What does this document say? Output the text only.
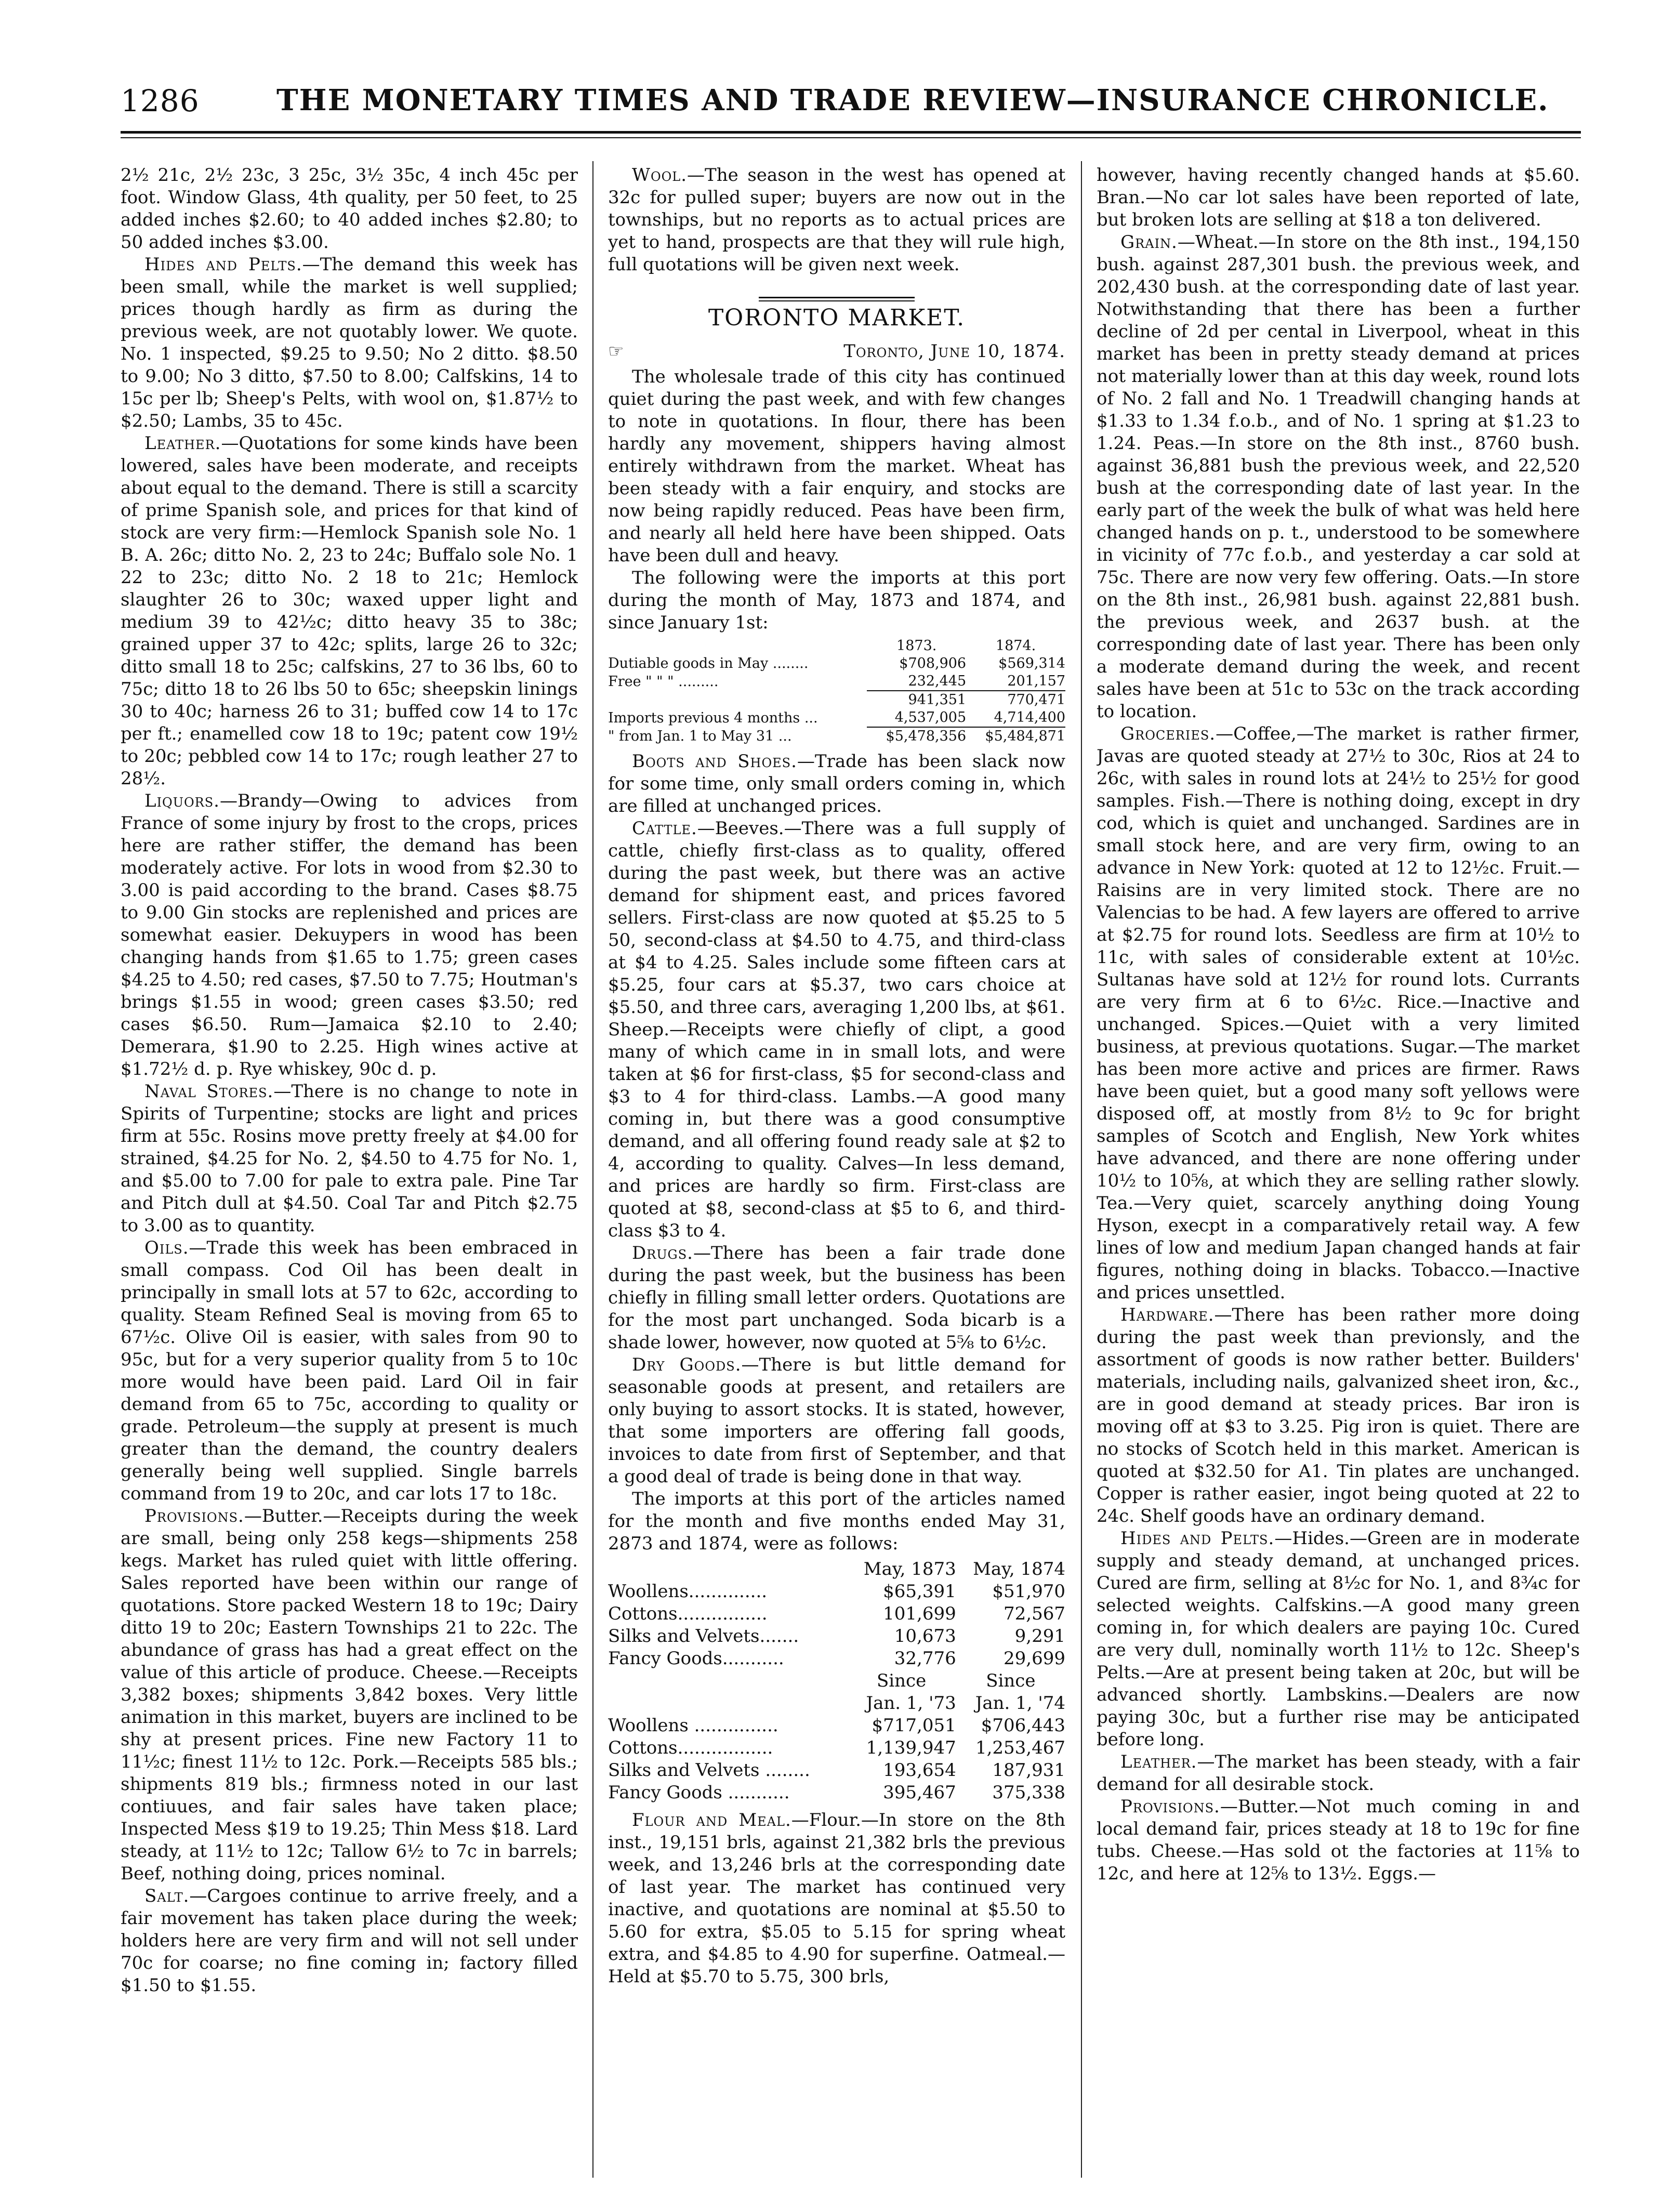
1286	THE MONETARY TIMES AND TRADE REVIEW—INSURANCE CHRONICLE.

2½ 21c, 2½ 23c, 3 25c, 3½ 35c, 4 inch 45c per foot. Window Glass, 4th quality, per 50 feet, to 25 added inches $2.60; to 40 added inches $2.80; to 50 added inches $3.00.

Hides and Pelts.—The demand this week has been small, while the market is well supplied; prices though hardly as firm as during the previous week, are not quotably lower. We quote. No. 1 inspected, $9.25 to 9.50; No 2 ditto. $8.50 to 9.00; No 3 ditto, $7.50 to 8.00; Calfskins, 14 to 15c per lb; Sheep's Pelts, with wool on, $1.87½ to $2.50; Lambs, 35 to 45c.

Leather.—Quotations for some kinds have been lowered, sales have been moderate, and receipts about equal to the demand. There is still a scarcity of prime Spanish sole, and prices for that kind of stock are very firm:—Hemlock Spanish sole No. 1 B. A. 26c; ditto No. 2, 23 to 24c; Buffalo sole No. 1 22 to 23c; ditto No. 2 18 to 21c; Hemlock slaughter 26 to 30c; waxed upper light and medium 39 to 42½c; ditto heavy 35 to 38c; grained upper 37 to 42c; splits, large 26 to 32c; ditto small 18 to 25c; calfskins, 27 to 36 lbs, 60 to 75c; ditto 18 to 26 lbs 50 to 65c; sheepskin linings 30 to 40c; harness 26 to 31; buffed cow 14 to 17c per ft.; enamelled cow 18 to 19c; patent cow 19½ to 20c; pebbled cow 14 to 17c; rough leather 27 to 28½.

Liquors.—Brandy—Owing to advices from France of some injury by frost to the crops, prices here are rather stiffer, the demand has been moderately active. For lots in wood from $2.30 to 3.00 is paid according to the brand. Cases $8.75 to 9.00 Gin stocks are replenished and prices are somewhat easier. Dekuypers in wood has been changing hands from $1.65 to 1.75; green cases $4.25 to 4.50; red cases, $7.50 to 7.75; Houtman's brings $1.55 in wood; green cases $3.50; red cases $6.50. Rum—Jamaica $2.10 to 2.40; Demerara, $1.90 to 2.25. High wines active at $1.72½ d. p. Rye whiskey, 90c d. p.

Naval Stores.—There is no change to note in Spirits of Turpentine; stocks are light and prices firm at 55c. Rosins move pretty freely at $4.00 for strained, $4.25 for No. 2, $4.50 to 4.75 for No. 1, and $5.00 to 7.00 for pale to extra pale. Pine Tar and Pitch dull at $4.50. Coal Tar and Pitch $2.75 to 3.00 as to quantity.

Oils.—Trade this week has been embraced in small compass. Cod Oil has been dealt in principally in small lots at 57 to 62c, according to quality. Steam Refined Seal is moving from 65 to 67½c. Olive Oil is easier, with sales from 90 to 95c, but for a very superior quality from 5 to 10c more would have been paid. Lard Oil in fair demand from 65 to 75c, according to quality or grade. Petroleum—the supply at present is much greater than the demand, the country dealers generally being well supplied. Single barrels command from 19 to 20c, and car lots 17 to 18c.

Provisions.—Butter.—Receipts during the week are small, being only 258 kegs—shipments 258 kegs. Market has ruled quiet with little offering. Sales reported have been within our range of quotations. Store packed Western 18 to 19c; Dairy ditto 19 to 20c; Eastern Townships 21 to 22c. The abundance of grass has had a great effect on the value of this article of produce. Cheese.—Receipts 3,382 boxes; shipments 3,842 boxes. Very little animation in this market, buyers are inclined to be shy at present prices. Fine new Factory 11 to 11½c; finest 11½ to 12c. Pork.—Receipts 585 bls.; shipments 819 bls.; firmness noted in our last contiuues, and fair sales have taken place; Inspected Mess $19 to 19.25; Thin Mess $18. Lard steady, at 11½ to 12c; Tallow 6½ to 7c in barrels; Beef, nothing doing, prices nominal.

Salt.—Cargoes continue to arrive freely, and a fair movement has taken place during the week; holders here are very firm and will not sell under 70c for coarse; no fine coming in; factory filled $1.50 to $1.55.

Wool.—The season in the west has opened at 32c for pulled super; buyers are now out in the townships, but no reports as to actual prices are yet to hand, prospects are that they will rule high, full quotations will be given next week.

TORONTO MARKET.
☞	Toronto, June 10, 1874.

The wholesale trade of this city has continued quiet during the past week, and with few changes to note in quotations. In flour, there has been hardly any movement, shippers having almost entirely withdrawn from the market. Wheat has been steady with a fair enquiry, and stocks are now being rapidly reduced. Peas have been firm, and nearly all held here have been shipped. Oats have been dull and heavy.

The following were the imports at this port during the month of May, 1873 and 1874, and since January 1st:

	1873.	1874.
Dutiable goods in May ........	$708,906	$569,314
Free " " " .........	232,445	201,157
	941,351	770,471
Imports previous 4 months ...	4,537,005	4,714,400
" from Jan. 1 to May 31 ...	$5,478,356	$5,484,871

Boots and Shoes.—Trade has been slack now for some time, only small orders coming in, which are filled at unchanged prices.

Cattle.—Beeves.—There was a full supply of cattle, chiefly first-class as to quality, offered during the past week, but there was an active demand for shipment east, and prices favored sellers. First-class are now quoted at $5.25 to 5 50, second-class at $4.50 to 4.75, and third-class at $4 to 4.25. Sales include some fifteen cars at $5.25, four cars at $5.37, two cars choice at $5.50, and three cars, averaging 1,200 lbs, at $61. Sheep.—Receipts were chiefly of clipt, a good many of which came in in small lots, and were taken at $6 for first-class, $5 for second-class and $3 to 4 for third-class. Lambs.—A good many coming in, but there was a good consumptive demand, and all offering found ready sale at $2 to 4, according to quality. Calves—In less demand, and prices are hardly so firm. First-class are quoted at $8, second-class at $5 to 6, and third-class $3 to 4.

Drugs.—There has been a fair trade done during the past week, but the business has been chiefly in filling small letter orders. Quotations are for the most part unchanged. Soda bicarb is a shade lower, however, now quoted at 5⅝ to 6½c.

Dry Goods.—There is but little demand for seasonable goods at present, and retailers are only buying to assort stocks. It is stated, however, that some importers are offering fall goods, invoices to date from first of September, and that a good deal of trade is being done in that way.

The imports at this port of the articles named for the month and five months ended May 31, 2873 and 1874, were as follows:

	May, 1873	May, 1874
Woollens..............	$65,391	$51,970
Cottons................	101,699	72,567
Silks and Velvets.......	10,673	9,291
Fancy Goods...........	32,776	29,699
	Since	Since
	Jan. 1, '73	Jan. 1, '74
Woollens ...............	$717,051	$706,443
Cottons.................	1,139,947	1,253,467
Silks and Velvets ........	193,654	187,931
Fancy Goods ...........	395,467	375,338

Flour and Meal.—Flour.—In store on the 8th inst., 19,151 brls, against 21,382 brls the previous week, and 13,246 brls at the corresponding date of last year. The market has continued very inactive, and quotations are nominal at $5.50 to 5.60 for extra, $5.05 to 5.15 for spring wheat extra, and $4.85 to 4.90 for superfine. Oatmeal.—Held at $5.70 to 5.75, 300 brls,

however, having recently changed hands at $5.60. Bran.—No car lot sales have been reported of late, but broken lots are selling at $18 a ton delivered.

Grain.—Wheat.—In store on the 8th inst., 194,150 bush. against 287,301 bush. the previous week, and 202,430 bush. at the corresponding date of last year. Notwithstanding that there has been a further decline of 2d per cental in Liverpool, wheat in this market has been in pretty steady demand at prices not materially lower than at this day week, round lots of No. 2 fall and No. 1 Treadwill changing hands at $1.33 to 1.34 f.o.b., and of No. 1 spring at $1.23 to 1.24. Peas.—In store on the 8th inst., 8760 bush. against 36,881 bush the previous week, and 22,520 bush at the corresponding date of last year. In the early part of the week the bulk of what was held here changed hands on p. t., understood to be somewhere in vicinity of 77c f.o.b., and yesterday a car sold at 75c. There are now very few offering. Oats.—In store on the 8th inst., 26,981 bush. against 22,881 bush. the previous week, and 2637 bush. at the corresponding date of last year. There has been only a moderate demand during the week, and recent sales have been at 51c to 53c on the track according to location.

Groceries.—Coffee,—The market is rather firmer, Javas are quoted steady at 27½ to 30c, Rios at 24 to 26c, with sales in round lots at 24½ to 25½ for good samples. Fish.—There is nothing doing, except in dry cod, which is quiet and unchanged. Sardines are in small stock here, and are very firm, owing to an advance in New York: quoted at 12 to 12½c. Fruit.—Raisins are in very limited stock. There are no Valencias to be had. A few layers are offered to arrive at $2.75 for round lots. Seedless are firm at 10½ to 11c, with sales of considerable extent at 10½c. Sultanas have sold at 12½ for round lots. Currants are very firm at 6 to 6½c. Rice.—Inactive and unchanged. Spices.—Quiet with a very limited business, at previous quotations. Sugar.—The market has been more active and prices are firmer. Raws have been quiet, but a good many soft yellows were disposed off, at mostly from 8½ to 9c for bright samples of Scotch and English, New York whites have advanced, and there are none offering under 10½ to 10⅝, at which they are selling rather slowly. Tea.—Very quiet, scarcely anything doing Young Hyson, execpt in a comparatively retail way. A few lines of low and medium Japan changed hands at fair figures, nothing doing in blacks. Tobacco.—Inactive and prices unsettled.

Hardware.—There has been rather more doing during the past week than previonsly, and the assortment of goods is now rather better. Builders' materials, including nails, galvanized sheet iron, &c., are in good demand at steady prices. Bar iron is moving off at $3 to 3.25. Pig iron is quiet. There are no stocks of Scotch held in this market. American is quoted at $32.50 for A1. Tin plates are unchanged. Copper is rather easier, ingot being quoted at 22 to 24c. Shelf goods have an ordinary demand.

Hides and Pelts.—Hides.—Green are in moderate supply and steady demand, at unchanged prices. Cured are firm, selling at 8½c for No. 1, and 8¾c for selected weights. Calfskins.—A good many green coming in, for which dealers are paying 10c. Cured are very dull, nominally worth 11½ to 12c. Sheep's Pelts.—Are at present being taken at 20c, but will be advanced shortly. Lambskins.—Dealers are now paying 30c, but a further rise may be anticipated before long.

Leather.—The market has been steady, with a fair demand for all desirable stock.

Provisions.—Butter.—Not much coming in and local demand fair, prices steady at 18 to 19c for fine tubs. Cheese.—Has sold ot the factories at 11⅝ to 12c, and here at 12⅝ to 13½. Eggs.—
